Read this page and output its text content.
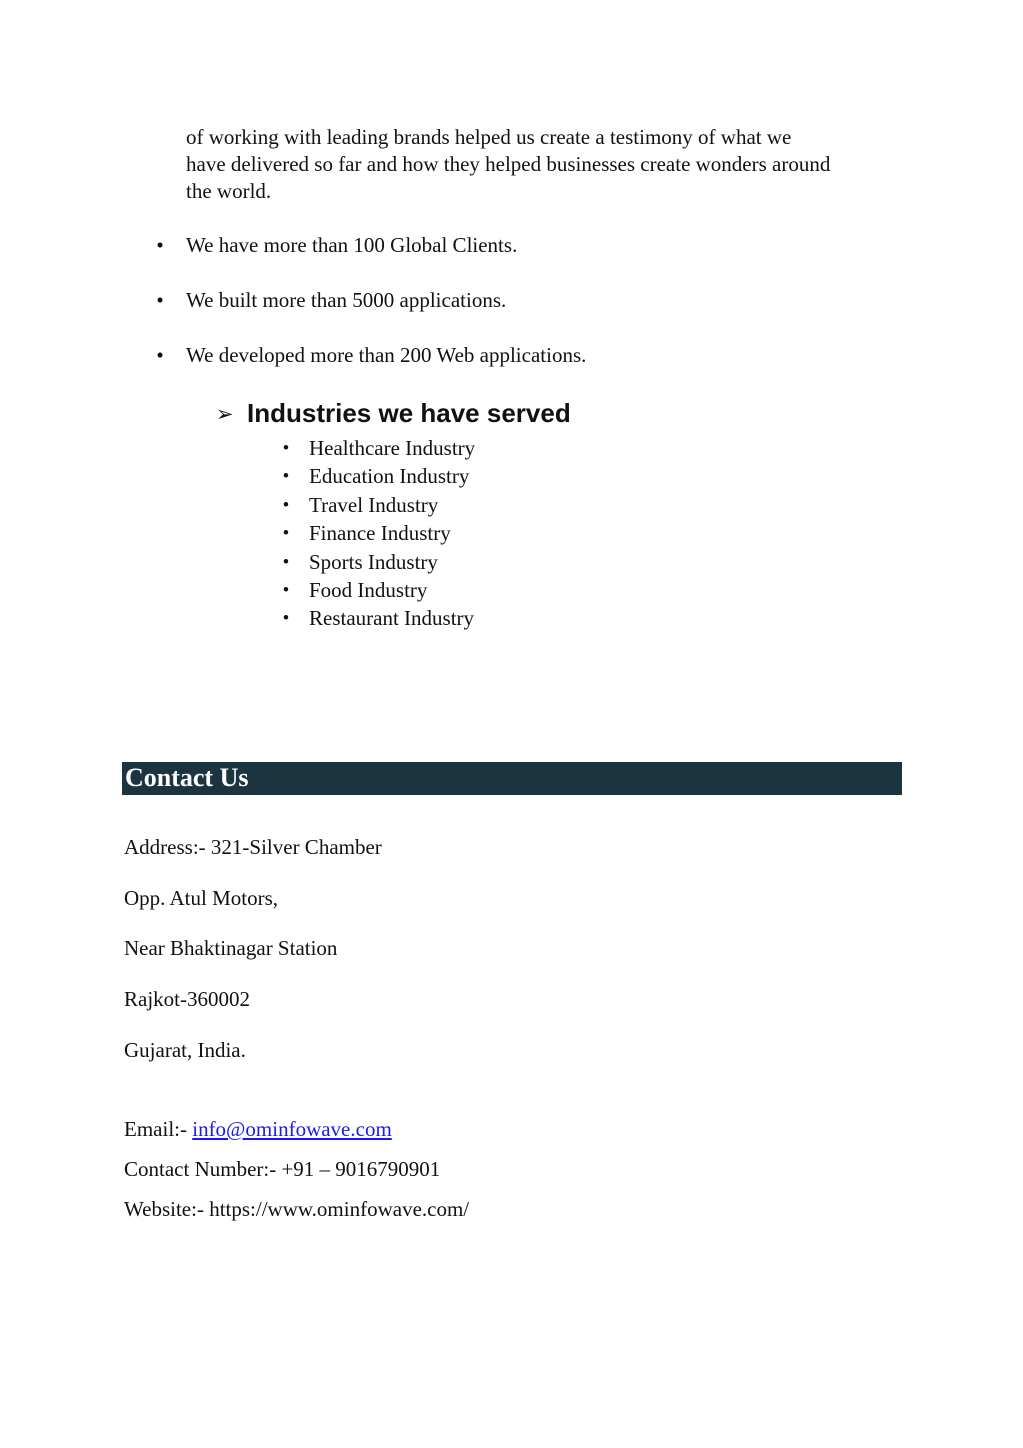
of working with leading brands helped us create a testimony of what we
have delivered so far and how they helped businesses create wonders around
the world.
• We have more than 100 Global Clients.
• We built more than 5000 applications.
• We developed more than 200 Web applications.
➢ Industries we have served
• Healthcare Industry
• Education Industry
• Travel Industry
• Finance Industry
• Sports Industry
• Food Industry
• Restaurant Industry
Contact Us
Address:- 321-Silver Chamber
Opp. Atul Motors,
Near Bhaktinagar Station
Rajkot-360002
Gujarat, India.
Email:- info@ominfowave.com
Contact Number:- +91 – 9016790901
Website:- https://www.ominfowave.com/
